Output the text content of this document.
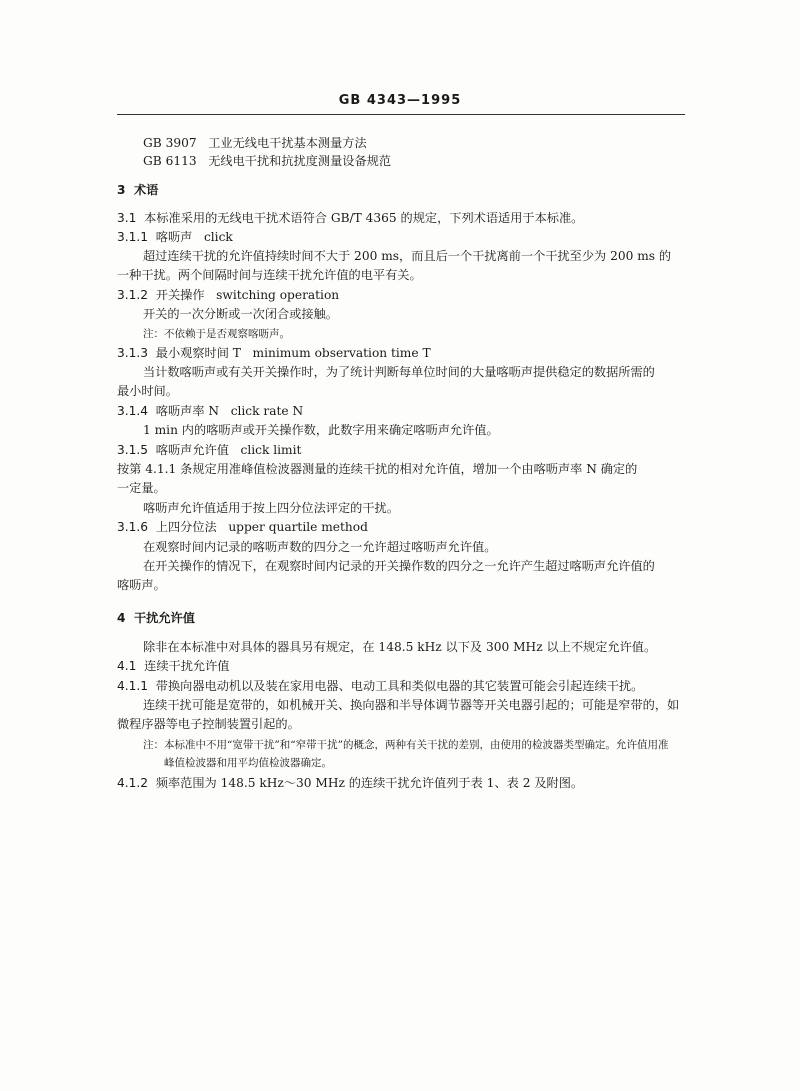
GB 4343—1995
GB 3907 工业无线电干扰基本测量方法
GB 6113 无线电干扰和抗扰度测量设备规范
3 术语
3.1 本标准采用的无线电干扰术语符合 GB/T 4365 的规定，下列术语适用于本标准。
3.1.1 喀呖声 click
超过连续干扰的允许值持续时间不大于 200 ms，而且后一个干扰离前一个干扰至少为 200 ms 的
一种干扰。两个间隔时间与连续干扰允许值的电平有关。
3.1.2 开关操作 switching operation
开关的一次分断或一次闭合或接触。
注：不依赖于是否观察喀呖声。
3.1.3 最小观察时间 T minimum observation time T
当计数喀呖声或有关开关操作时，为了统计判断每单位时间的大量喀呖声提供稳定的数据所需的
最小时间。
3.1.4 喀呖声率 N click rate N
1 min 内的喀呖声或开关操作数，此数字用来确定喀呖声允许值。
3.1.5 喀呖声允许值 click limit
按第 4.1.1 条规定用准峰值检波器测量的连续干扰的相对允许值，增加一个由喀呖声率 N 确定的
一定量。
喀呖声允许值适用于按上四分位法评定的干扰。
3.1.6 上四分位法 upper quartile method
在观察时间内记录的喀呖声数的四分之一允许超过喀呖声允许值。
在开关操作的情况下，在观察时间内记录的开关操作数的四分之一允许产生超过喀呖声允许值的
喀呖声。
4 干扰允许值
除非在本标准中对具体的器具另有规定，在 148.5 kHz 以下及 300 MHz 以上不规定允许值。
4.1 连续干扰允许值
4.1.1 带换向器电动机以及装在家用电器、电动工具和类似电器的其它装置可能会引起连续干扰。
连续干扰可能是宽带的，如机械开关、换向器和半导体调节器等开关电器引起的；可能是窄带的，如
微程序器等电子控制装置引起的。
注：本标准中不用“宽带干扰”和“窄带干扰”的概念，两种有关干扰的差别，由使用的检波器类型确定。允许值用准
峰值检波器和用平均值检波器确定。
4.1.2 频率范围为 148.5 kHz～30 MHz 的连续干扰允许值列于表 1、表 2 及附图。
